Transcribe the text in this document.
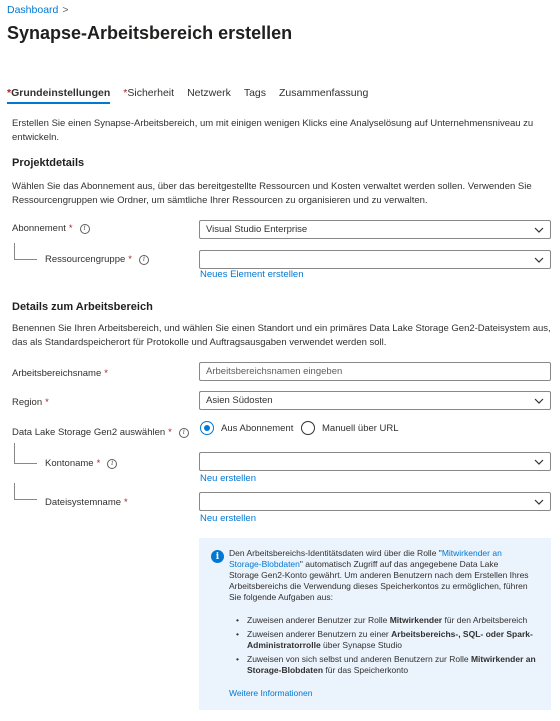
Dashboard >
Synapse-Arbeitsbereich erstellen
*Grundeinstellungen *Sicherheit Netzwerk Tags Zusammenfassung
Erstellen Sie einen Synapse-Arbeitsbereich, um mit einigen wenigen Klicks eine Analyselösung auf Unternehmensniveau zu entwickeln.
Projektdetails
Wählen Sie das Abonnement aus, über das bereitgestellte Ressourcen und Kosten verwaltet werden sollen. Verwenden Sie Ressourcengruppen wie Ordner, um sämtliche Ihrer Ressourcen zu organisieren und zu verwalten.
Abonnement *	i	Visual Studio Enterprise
Ressourcengruppe *	i
Neues Element erstellen
Details zum Arbeitsbereich
Benennen Sie Ihren Arbeitsbereich, und wählen Sie einen Standort und ein primäres Data Lake Storage Gen2-Dateisystem aus, das als Standardspeicherort für Protokolle und Auftragsausgaben verwendet werden soll.
Arbeitsbereichsname *	Arbeitsbereichsnamen eingeben
Region *	Asien Südosten
Data Lake Storage Gen2 auswählen *	i	Aus Abonnement	Manuell über URL
Kontoname *	i
Neu erstellen
Dateisystemname *
Neu erstellen
i	Den Arbeitsbereichs-Identitätsdaten wird über die Rolle "Mitwirkender an Storage-Blobdaten" automatisch Zugriff auf das angegebene Data Lake Storage Gen2-Konto gewährt. Um anderen Benutzern nach dem Erstellen Ihres Arbeitsbereichs die Verwendung dieses Speicherkontos zu ermöglichen, führen Sie folgende Aufgaben aus:
• Zuweisen anderer Benutzer zur Rolle Mitwirkender für den Arbeitsbereich
• Zuweisen anderer Benutzern zu einer Arbeitsbereichs-, SQL- oder Spark-Administratorrolle über Synapse Studio
• Zuweisen von sich selbst und anderen Benutzern zur Rolle Mitwirkender an Storage-Blobdaten für das Speicherkonto
Weitere Informationen
